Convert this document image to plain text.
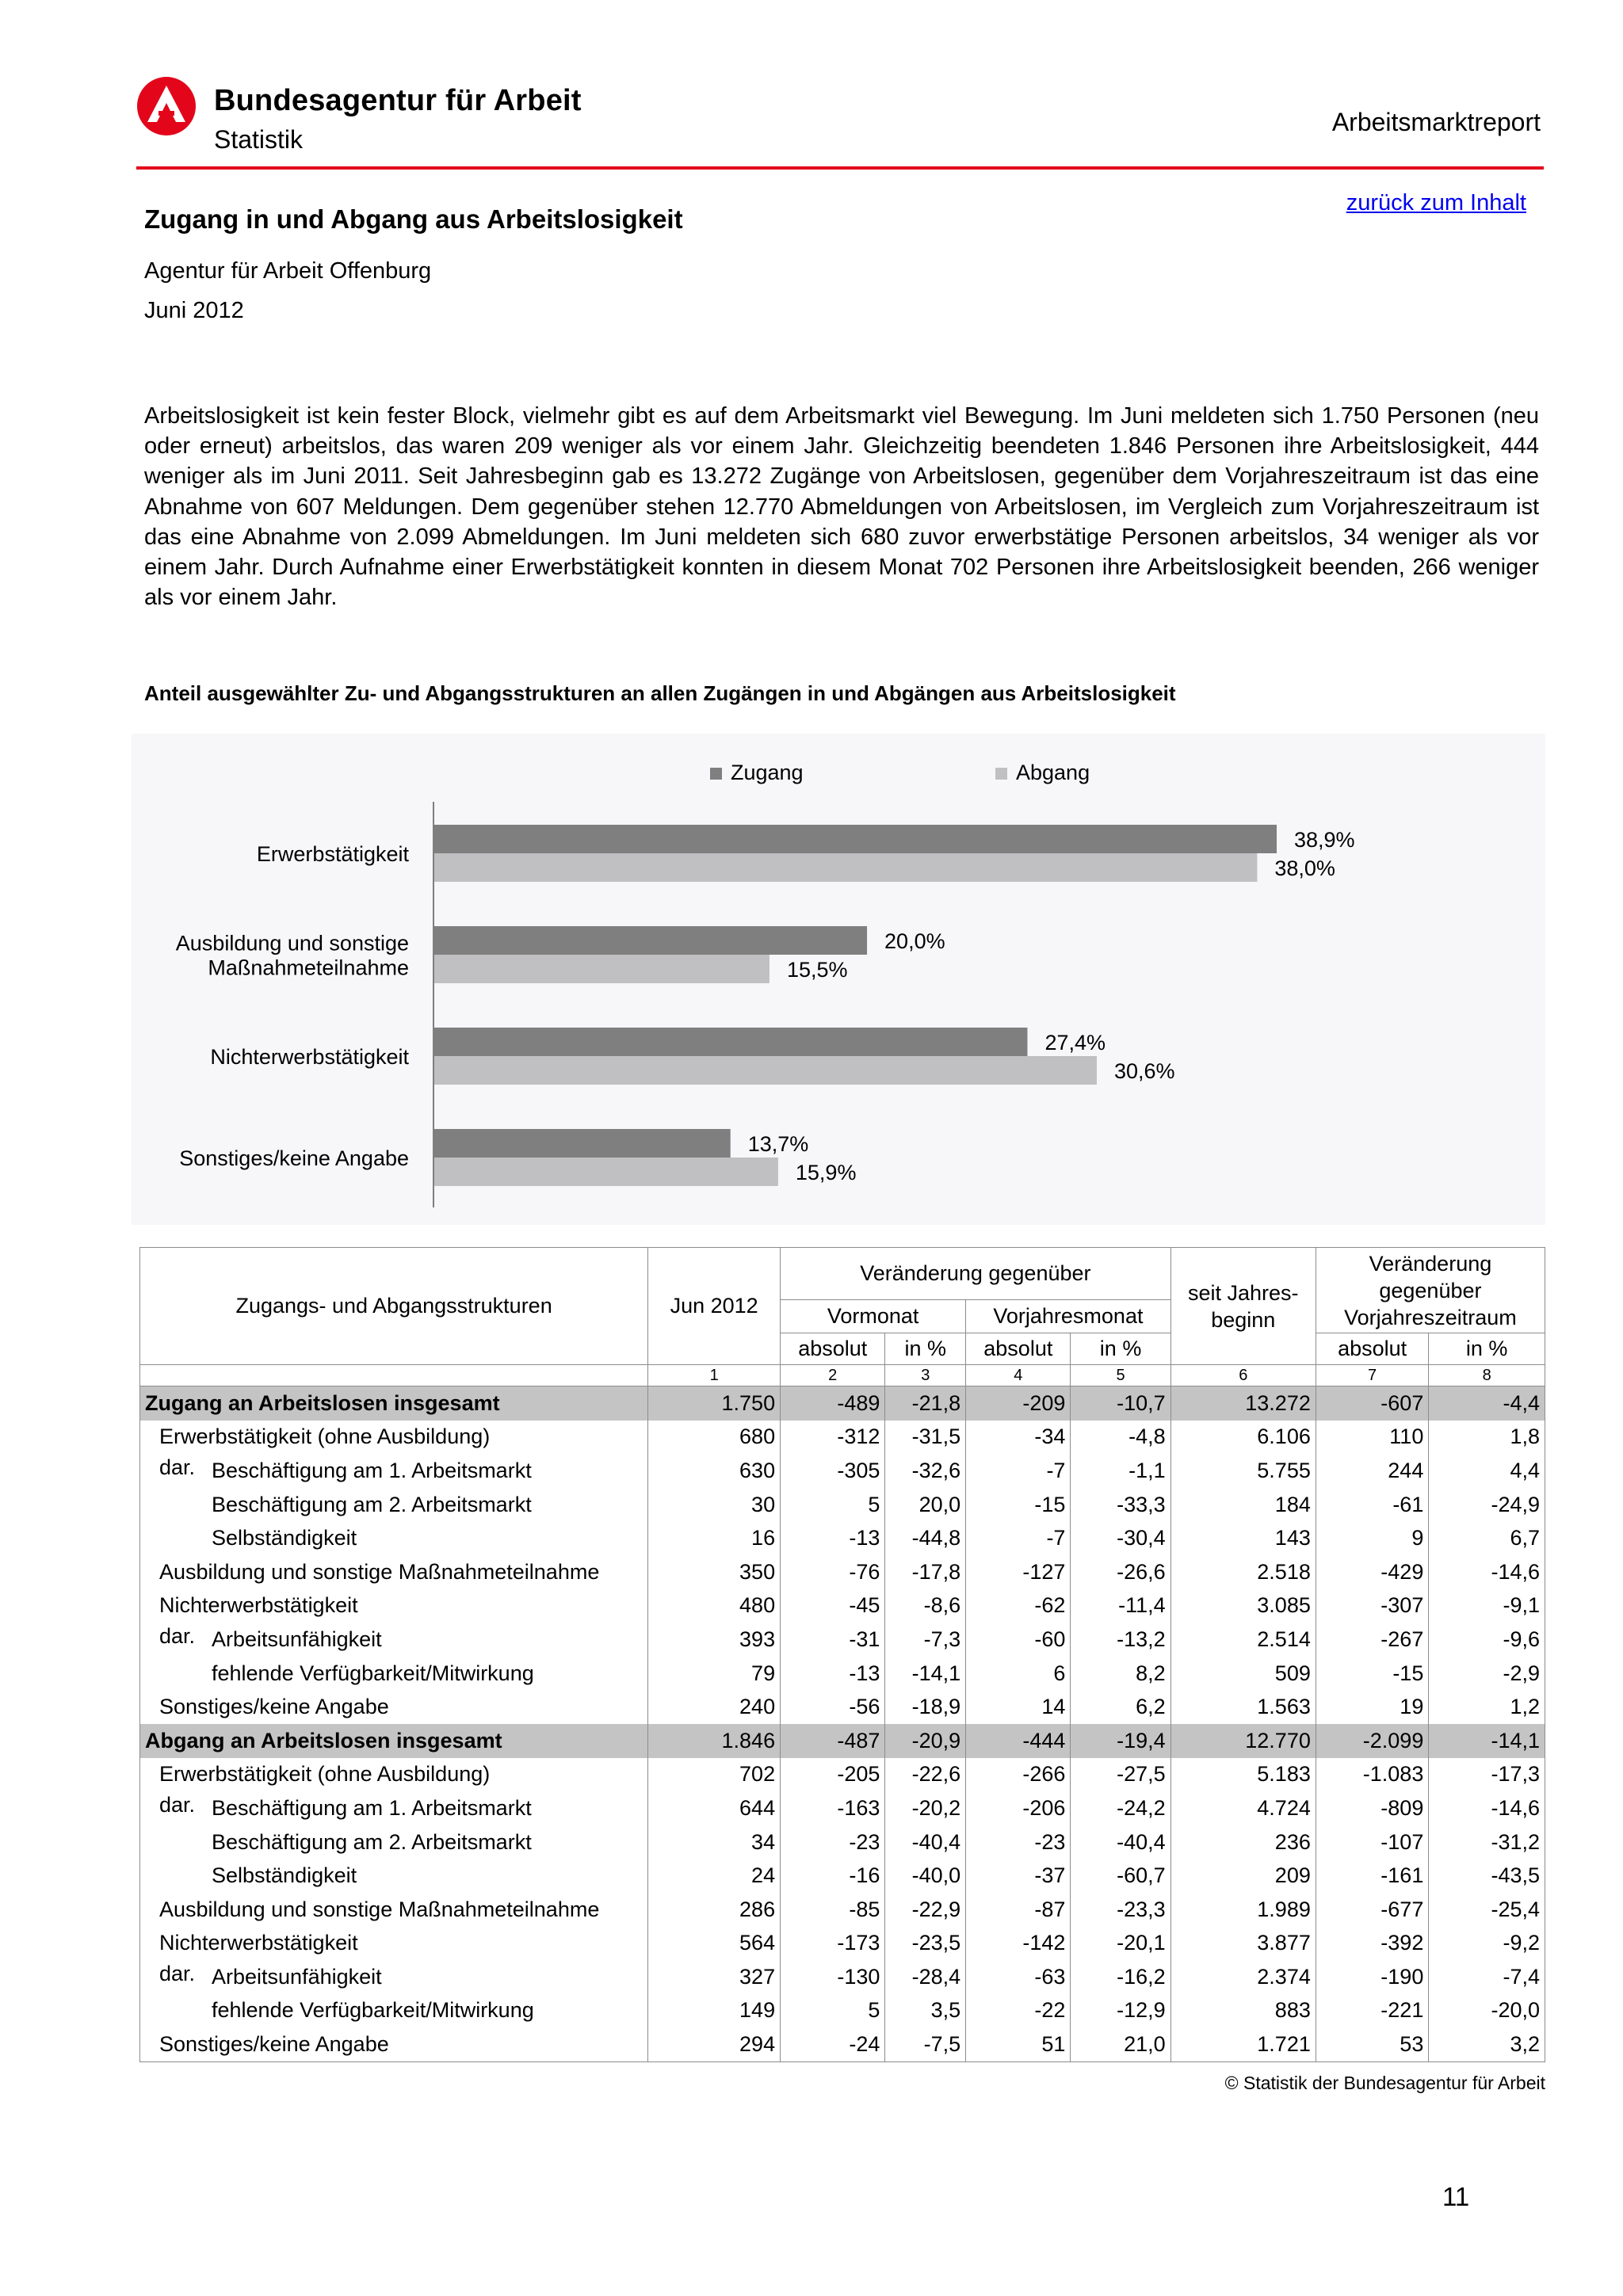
Bundesagentur für Arbeit
Statistik
Arbeitsmarktreport
zurück zum Inhalt
Zugang in und Abgang aus Arbeitslosigkeit
Agentur für Arbeit Offenburg
Juni 2012
Arbeitslosigkeit ist kein fester Block, vielmehr gibt es auf dem Arbeitsmarkt viel Bewegung. Im Juni meldeten sich 1.750 Personen (neu oder erneut) arbeitslos, das waren 209 weniger als vor einem Jahr. Gleichzeitig beendeten 1.846 Personen ihre Arbeitslosigkeit, 444 weniger als im Juni 2011. Seit Jahresbeginn gab es 13.272 Zugänge von Arbeitslosen, gegenüber dem Vorjahreszeitraum ist das eine Abnahme von 607 Meldungen. Dem gegenüber stehen 12.770 Abmeldungen von Arbeitslosen, im Vergleich zum Vorjahreszeitraum ist das eine Abnahme von 2.099 Abmeldungen. Im Juni meldeten sich 680 zuvor erwerbstätige Personen arbeitslos, 34 weniger als vor einem Jahr. Durch Aufnahme einer Erwerbstätigkeit konnten in diesem Monat 702 Personen ihre Arbeitslosigkeit beenden, 266 weniger als vor einem Jahr.
Anteil ausgewählter Zu- und Abgangsstrukturen an allen Zugängen in und Abgängen aus Arbeitslosigkeit
Zugang	Abgang
38,9%
20,0%
27,4%
13,7%
38,0%
15,5%
30,6%
15,9%
Erwerbstätigkeit
Ausbildung und sonstige
Maßnahmeteilnahme
Nichterwerbstätigkeit
Sonstiges/keine Angabe
Zugangs- und Abgangsstrukturen	Jun 2012	Veränderung gegenüber				seit Jahres-beginn	Veränderung gegenüber Vorjahreszeitraum	
		Vormonat		Vorjahresmonat				
		absolut	in %	absolut	in %		absolut	in %
	1	2	3	4	5	6	7	8
Zugang an Arbeitslosen insgesamt	1.750	-489	-21,8	-209	-10,7	13.272	-607	-4,4
Erwerbstätigkeit (ohne Ausbildung)	680	-312	-31,5	-34	-4,8	6.106	110	1,8

dar. Beschäftigung am 1. Arbeitsmarkt	630	-305	-32,6	-7	-1,1	5.755	244	4,4
Beschäftigung am 2. Arbeitsmarkt	30	5	20,0	-15	-33,3	184	-61	-24,9
Selbständigkeit	16	-13	-44,8	-7	-30,4	143	9	6,7
Ausbildung und sonstige Maßnahmeteilnahme	350	-76	-17,8	-127	-26,6	2.518	-429	-14,6
Nichterwerbstätigkeit	480	-45	-8,6	-62	-11,4	3.085	-307	-9,1

dar. Arbeitsunfähigkeit	393	-31	-7,3	-60	-13,2	2.514	-267	-9,6
fehlende Verfügbarkeit/Mitwirkung	79	-13	-14,1	6	8,2	509	-15	-2,9
Sonstiges/keine Angabe	240	-56	-18,9	14	6,2	1.563	19	1,2
Abgang an Arbeitslosen insgesamt	1.846	-487	-20,9	-444	-19,4	12.770	-2.099	-14,1
Erwerbstätigkeit (ohne Ausbildung)	702	-205	-22,6	-266	-27,5	5.183	-1.083	-17,3

dar. Beschäftigung am 1. Arbeitsmarkt	644	-163	-20,2	-206	-24,2	4.724	-809	-14,6
Beschäftigung am 2. Arbeitsmarkt	34	-23	-40,4	-23	-40,4	236	-107	-31,2
Selbständigkeit	24	-16	-40,0	-37	-60,7	209	-161	-43,5
Ausbildung und sonstige Maßnahmeteilnahme	286	-85	-22,9	-87	-23,3	1.989	-677	-25,4
Nichterwerbstätigkeit	564	-173	-23,5	-142	-20,1	3.877	-392	-9,2

dar. Arbeitsunfähigkeit	327	-130	-28,4	-63	-16,2	2.374	-190	-7,4
fehlende Verfügbarkeit/Mitwirkung	149	5	3,5	-22	-12,9	883	-221	-20,0
Sonstiges/keine Angabe	294	-24	-7,5	51	21,0	1.721	53	3,2
© Statistik der Bundesagentur für Arbeit
11
